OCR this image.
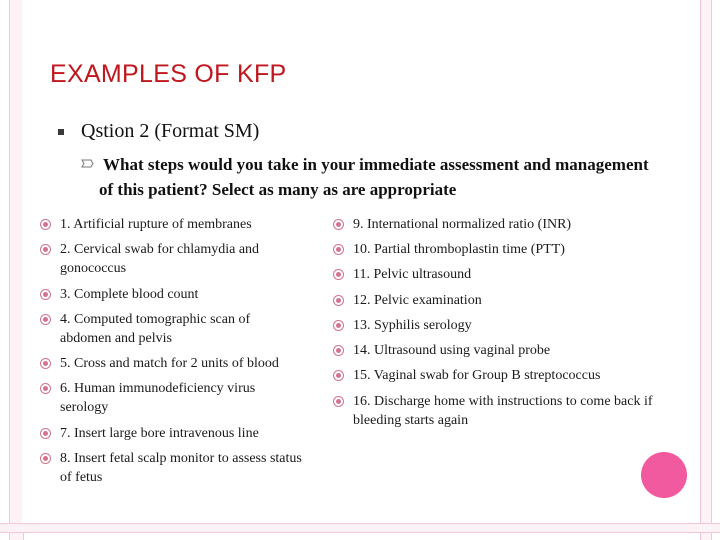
EXAMPLES OF KFP
Qstion 2 (Format SM)
What steps would you take in your immediate assessment and management of this patient? Select as many as are appropriate
1. Artificial rupture of membranes
2. Cervical swab for chlamydia and gonococcus
3. Complete blood count
4. Computed tomographic scan of abdomen and pelvis
5. Cross and match for 2 units of blood
6. Human immunodeficiency virus serology
7. Insert large bore intravenous line
8. Insert fetal scalp monitor to assess status of fetus
9. International normalized ratio (INR)
10. Partial thromboplastin time (PTT)
11. Pelvic ultrasound
12. Pelvic examination
13. Syphilis serology
14. Ultrasound using vaginal probe
15. Vaginal swab for Group B streptococcus
16. Discharge home with instructions to come back if bleeding starts again
